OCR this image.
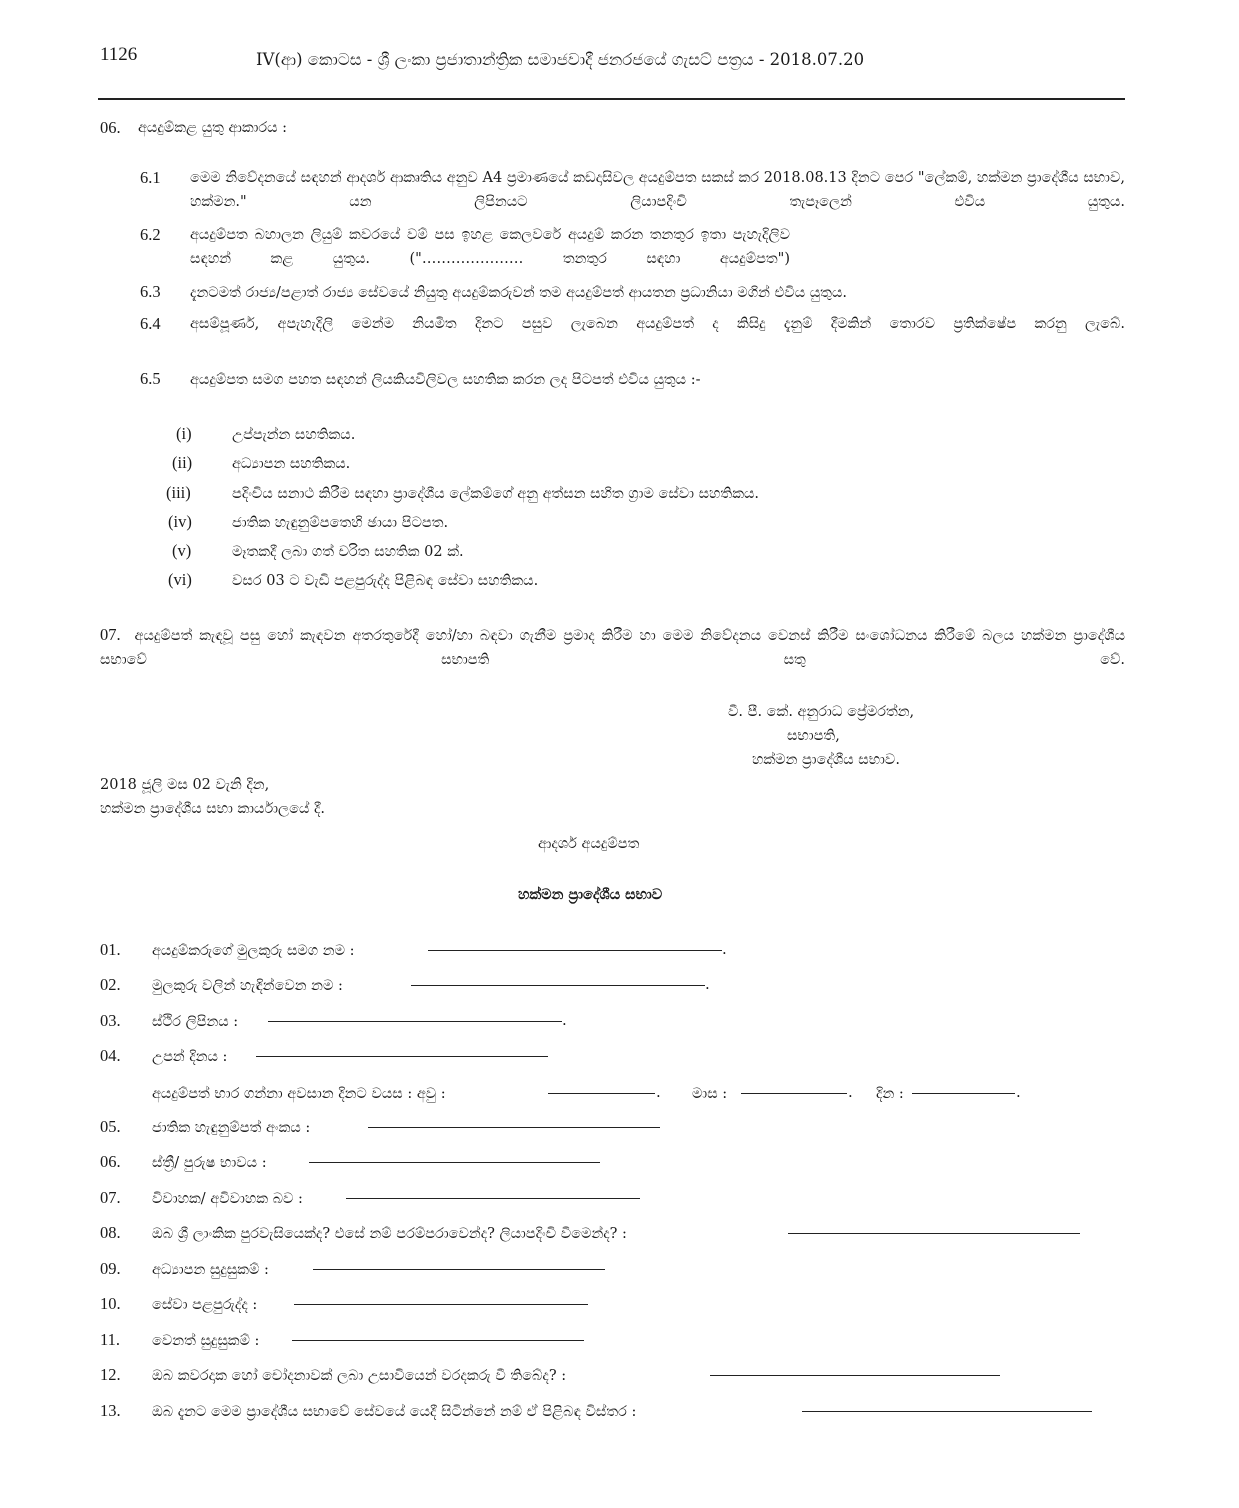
1126	IV(ආ) කොටස - ශ්‍රී ලංකා ප්‍රජාතාන්ත්‍රික සමාජවාදී ජනරජයේ ගැසට් පත්‍රය - 2018.07.20
06. අයදුම්කළ යුතු ආකාරය :
6.1 මෙම නිවේදනයේ සඳහන් ආදර්ශ ආකෘතිය අනුව A4 ප්‍රමාණයේ කඩදාසිවල අයදුම්පත සකස් කර 2018.08.13 දිනට පෙර "ලේකම්, හක්මන ප්‍රාදේශීය සභාව, හක්මන." යන ලිපිනයට ලියාපදිංචි තැපෑලෙන් එවිය යුතුය.
6.2 අයදුම්පත බහාලන ලියුම් කවරයේ වම් පස ඉහළ කෙලවරේ අයදුම් කරන තනතුර ඉතා පැහැදිලිව සඳහන් කළ යුතුය. ("………………… තනතුර සඳහා අයදුම්පත")
6.3 දැනටමත් රාජ්‍ය/පළාත් රාජ්‍ය සේවයේ නියුතු අයදුම්කරුවන් තම අයදුම්පත් ආයතන ප්‍රධානියා මගින් එවිය යුතුය.
6.4 අසම්පූර්ණ, අපැහැදිලි මෙන්ම නියමිත දිනට පසුව ලැබෙන අයදුම්පත් ද කිසිදු දැනුම් දීමකින් තොරව ප්‍රතික්ෂේප කරනු ලැබේ.
6.5 අයදුම්පත සමග පහත සඳහන් ලියකියවිලිවල සහතික කරන ලද පිටපත් එවිය යුතුය :-
(i)	උප්පැන්න සහතිකය.
(ii)	අධ්‍යාපන සහතිකය.
(iii)	පදිංචිය සනාථ කිරීම සඳහා ප්‍රාදේශීය ලේකම්ගේ අනු අත්සන සහිත ග්‍රාම සේවා සහතිකය.
(iv)	ජාතික හැඳුනුම්පතෙහි ඡායා පිටපත.
(v)	මෑතකදී ලබා ගත් චරිත සහතික 02 ක්.
(vi)	වසර 03 ට වැඩි පළපුරුද්ද පිළිබඳ සේවා සහතිකය.
07. අයදුම්පත් කැඳවූ පසු හෝ කැඳවන අතරතුරේදී හෝ/හා බඳවා ගැනීම ප්‍රමාද කිරීම හා මෙම නිවේදනය වෙනස් කිරීම සංශෝධනය කිරීමේ බලය හක්මන ප්‍රාදේශීය සභාවේ සභාපති සතු වේ.
වී. පී. කේ. අනුරාධ ප්‍රේමරත්න,
සභාපති,
හක්මන ප්‍රාදේශීය සභාව.
2018 ජූලි මස 02 වැනි දින,
හක්මන ප්‍රාදේශීය සභා කාර්යාලයේ දී.
ආදර්ශ අයදුම්පත
හක්මන ප්‍රාදේශීය සභාව
01. අයදුම්කරුගේ මුලකුරු සමග නම :	.
02. මුලකුරු වලින් හැඳින්වෙන නම :	.
03. ස්ථිර ලිපිනය :	.
04. උපන් දිනය :
අයදුම්පත් භාර ගන්නා අවසාන දිනට වයස : අවු :	. මාස :	. දින :	.
05. ජාතික හැඳුනුම්පත් අංකය :
06. ස්ත්‍රී/ පුරුෂ භාවය :
07. විවාහක/ අවිවාහක බව :
08. ඔබ ශ්‍රී ලාංකික පුරවැසියෙක්ද? එසේ නම් පරම්පරාවෙන්ද? ලියාපදිංචි වීමෙන්ද? :
09. අධ්‍යාපන සුදුසුකම් :
10. සේවා පළපුරුද්ද :
11. වෙනත් සුදුසුකම් :
12. ඔබ කවරදාක හෝ චෝදනාවක් ලබා උසාවියෙන් වරදකරු වී තිබේද? :
13. ඔබ දැනට මෙම ප්‍රාදේශීය සභාවේ සේවයේ යෙදී සිටින්නේ නම් ඒ පිළිබඳ විස්තර :
